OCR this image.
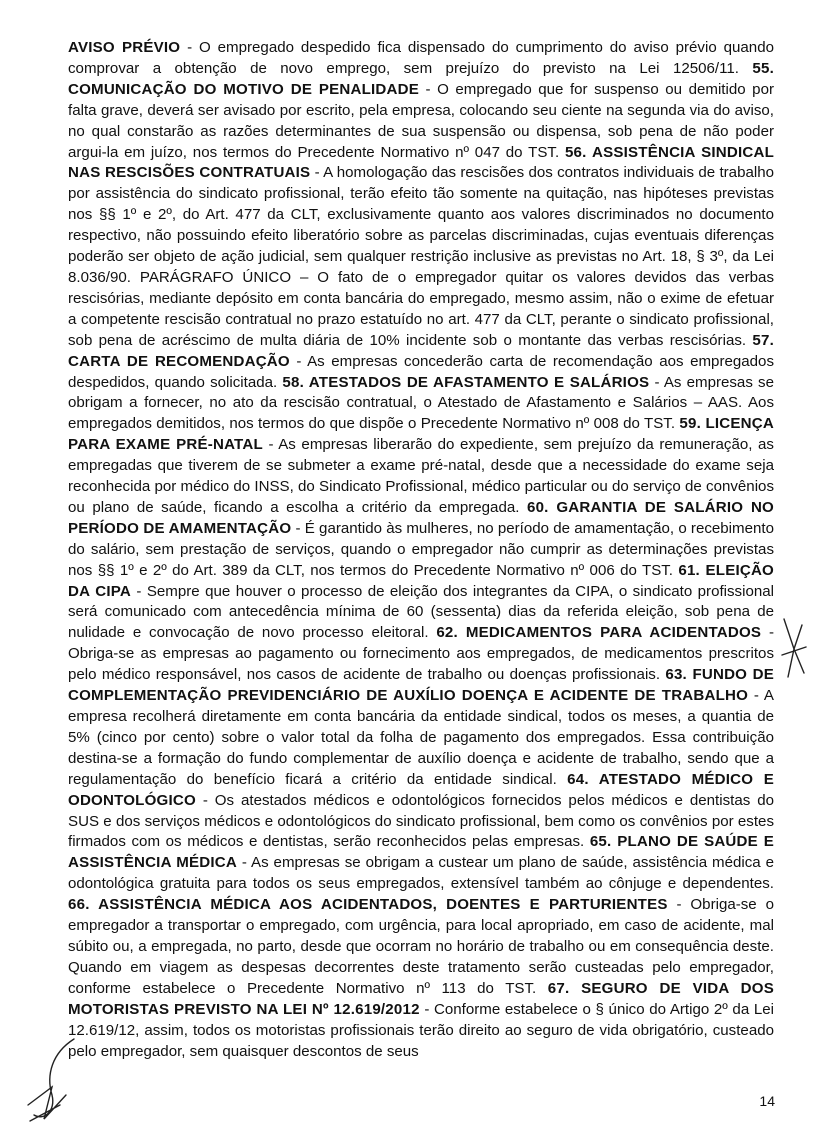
AVISO PRÉVIO - O empregado despedido fica dispensado do cumprimento do aviso prévio quando comprovar a obtenção de novo emprego, sem prejuízo do previsto na Lei 12506/11. 55. COMUNICAÇÃO DO MOTIVO DE PENALIDADE - O empregado que for suspenso ou demitido por falta grave, deverá ser avisado por escrito, pela empresa, colocando seu ciente na segunda via do aviso, no qual constarão as razões determinantes de sua suspensão ou dispensa, sob pena de não poder argui-la em juízo, nos termos do Precedente Normativo nº 047 do TST. 56. ASSISTÊNCIA SINDICAL NAS RESCISÕES CONTRATUAIS - A homologação das rescisões dos contratos individuais de trabalho por assistência do sindicato profissional, terão efeito tão somente na quitação, nas hipóteses previstas nos §§ 1º e 2º, do Art. 477 da CLT, exclusivamente quanto aos valores discriminados no documento respectivo, não possuindo efeito liberatório sobre as parcelas discriminadas, cujas eventuais diferenças poderão ser objeto de ação judicial, sem qualquer restrição inclusive as previstas no Art. 18, § 3º, da Lei 8.036/90. PARÁGRAFO ÚNICO – O fato de o empregador quitar os valores devidos das verbas rescisórias, mediante depósito em conta bancária do empregado, mesmo assim, não o exime de efetuar a competente rescisão contratual no prazo estatuído no art. 477 da CLT, perante o sindicato profissional, sob pena de acréscimo de multa diária de 10% incidente sob o montante das verbas rescisórias. 57. CARTA DE RECOMENDAÇÃO - As empresas concederão carta de recomendação aos empregados despedidos, quando solicitada. 58. ATESTADOS DE AFASTAMENTO E SALÁRIOS - As empresas se obrigam a fornecer, no ato da rescisão contratual, o Atestado de Afastamento e Salários – AAS. Aos empregados demitidos, nos termos do que dispõe o Precedente Normativo nº 008 do TST. 59. LICENÇA PARA EXAME PRÉ-NATAL - As empresas liberarão do expediente, sem prejuízo da remuneração, as empregadas que tiverem de se submeter a exame pré-natal, desde que a necessidade do exame seja reconhecida por médico do INSS, do Sindicato Profissional, médico particular ou do serviço de convênios ou plano de saúde, ficando a escolha a critério da empregada. 60. GARANTIA DE SALÁRIO NO PERÍODO DE AMAMENTAÇÃO - É garantido às mulheres, no período de amamentação, o recebimento do salário, sem prestação de serviços, quando o empregador não cumprir as determinações previstas nos §§ 1º e 2º do Art. 389 da CLT, nos termos do Precedente Normativo nº 006 do TST. 61. ELEIÇÃO DA CIPA - Sempre que houver o processo de eleição dos integrantes da CIPA, o sindicato profissional será comunicado com antecedência mínima de 60 (sessenta) dias da referida eleição, sob pena de nulidade e convocação de novo processo eleitoral. 62. MEDICAMENTOS PARA ACIDENTADOS - Obriga-se as empresas ao pagamento ou fornecimento aos empregados, de medicamentos prescritos pelo médico responsável, nos casos de acidente de trabalho ou doenças profissionais. 63. FUNDO DE COMPLEMENTAÇÃO PREVIDENCIÁRIO DE AUXÍLIO DOENÇA E ACIDENTE DE TRABALHO - A empresa recolherá diretamente em conta bancária da entidade sindical, todos os meses, a quantia de 5% (cinco por cento) sobre o valor total da folha de pagamento dos empregados. Essa contribuição destina-se a formação do fundo complementar de auxílio doença e acidente de trabalho, sendo que a regulamentação do benefício ficará a critério da entidade sindical. 64. ATESTADO MÉDICO E ODONTOLÓGICO - Os atestados médicos e odontológicos fornecidos pelos médicos e dentistas do SUS e dos serviços médicos e odontológicos do sindicato profissional, bem como os convênios por estes firmados com os médicos e dentistas, serão reconhecidos pelas empresas. 65. PLANO DE SAÚDE E ASSISTÊNCIA MÉDICA - As empresas se obrigam a custear um plano de saúde, assistência médica e odontológica gratuita para todos os seus empregados, extensível também ao cônjuge e dependentes. 66. ASSISTÊNCIA MÉDICA AOS ACIDENTADOS, DOENTES E PARTURIENTES - Obriga-se o empregador a transportar o empregado, com urgência, para local apropriado, em caso de acidente, mal súbito ou, a empregada, no parto, desde que ocorram no horário de trabalho ou em consequência deste. Quando em viagem as despesas decorrentes deste tratamento serão custeadas pelo empregador, conforme estabelece o Precedente Normativo nº 113 do TST. 67. SEGURO DE VIDA DOS MOTORISTAS PREVISTO NA LEI Nº 12.619/2012 - Conforme estabelece o § único do Artigo 2º da Lei 12.619/12, assim, todos os motoristas profissionais terão direito ao seguro de vida obrigatório, custeado pelo empregador, sem quaisquer descontos de seus
14
